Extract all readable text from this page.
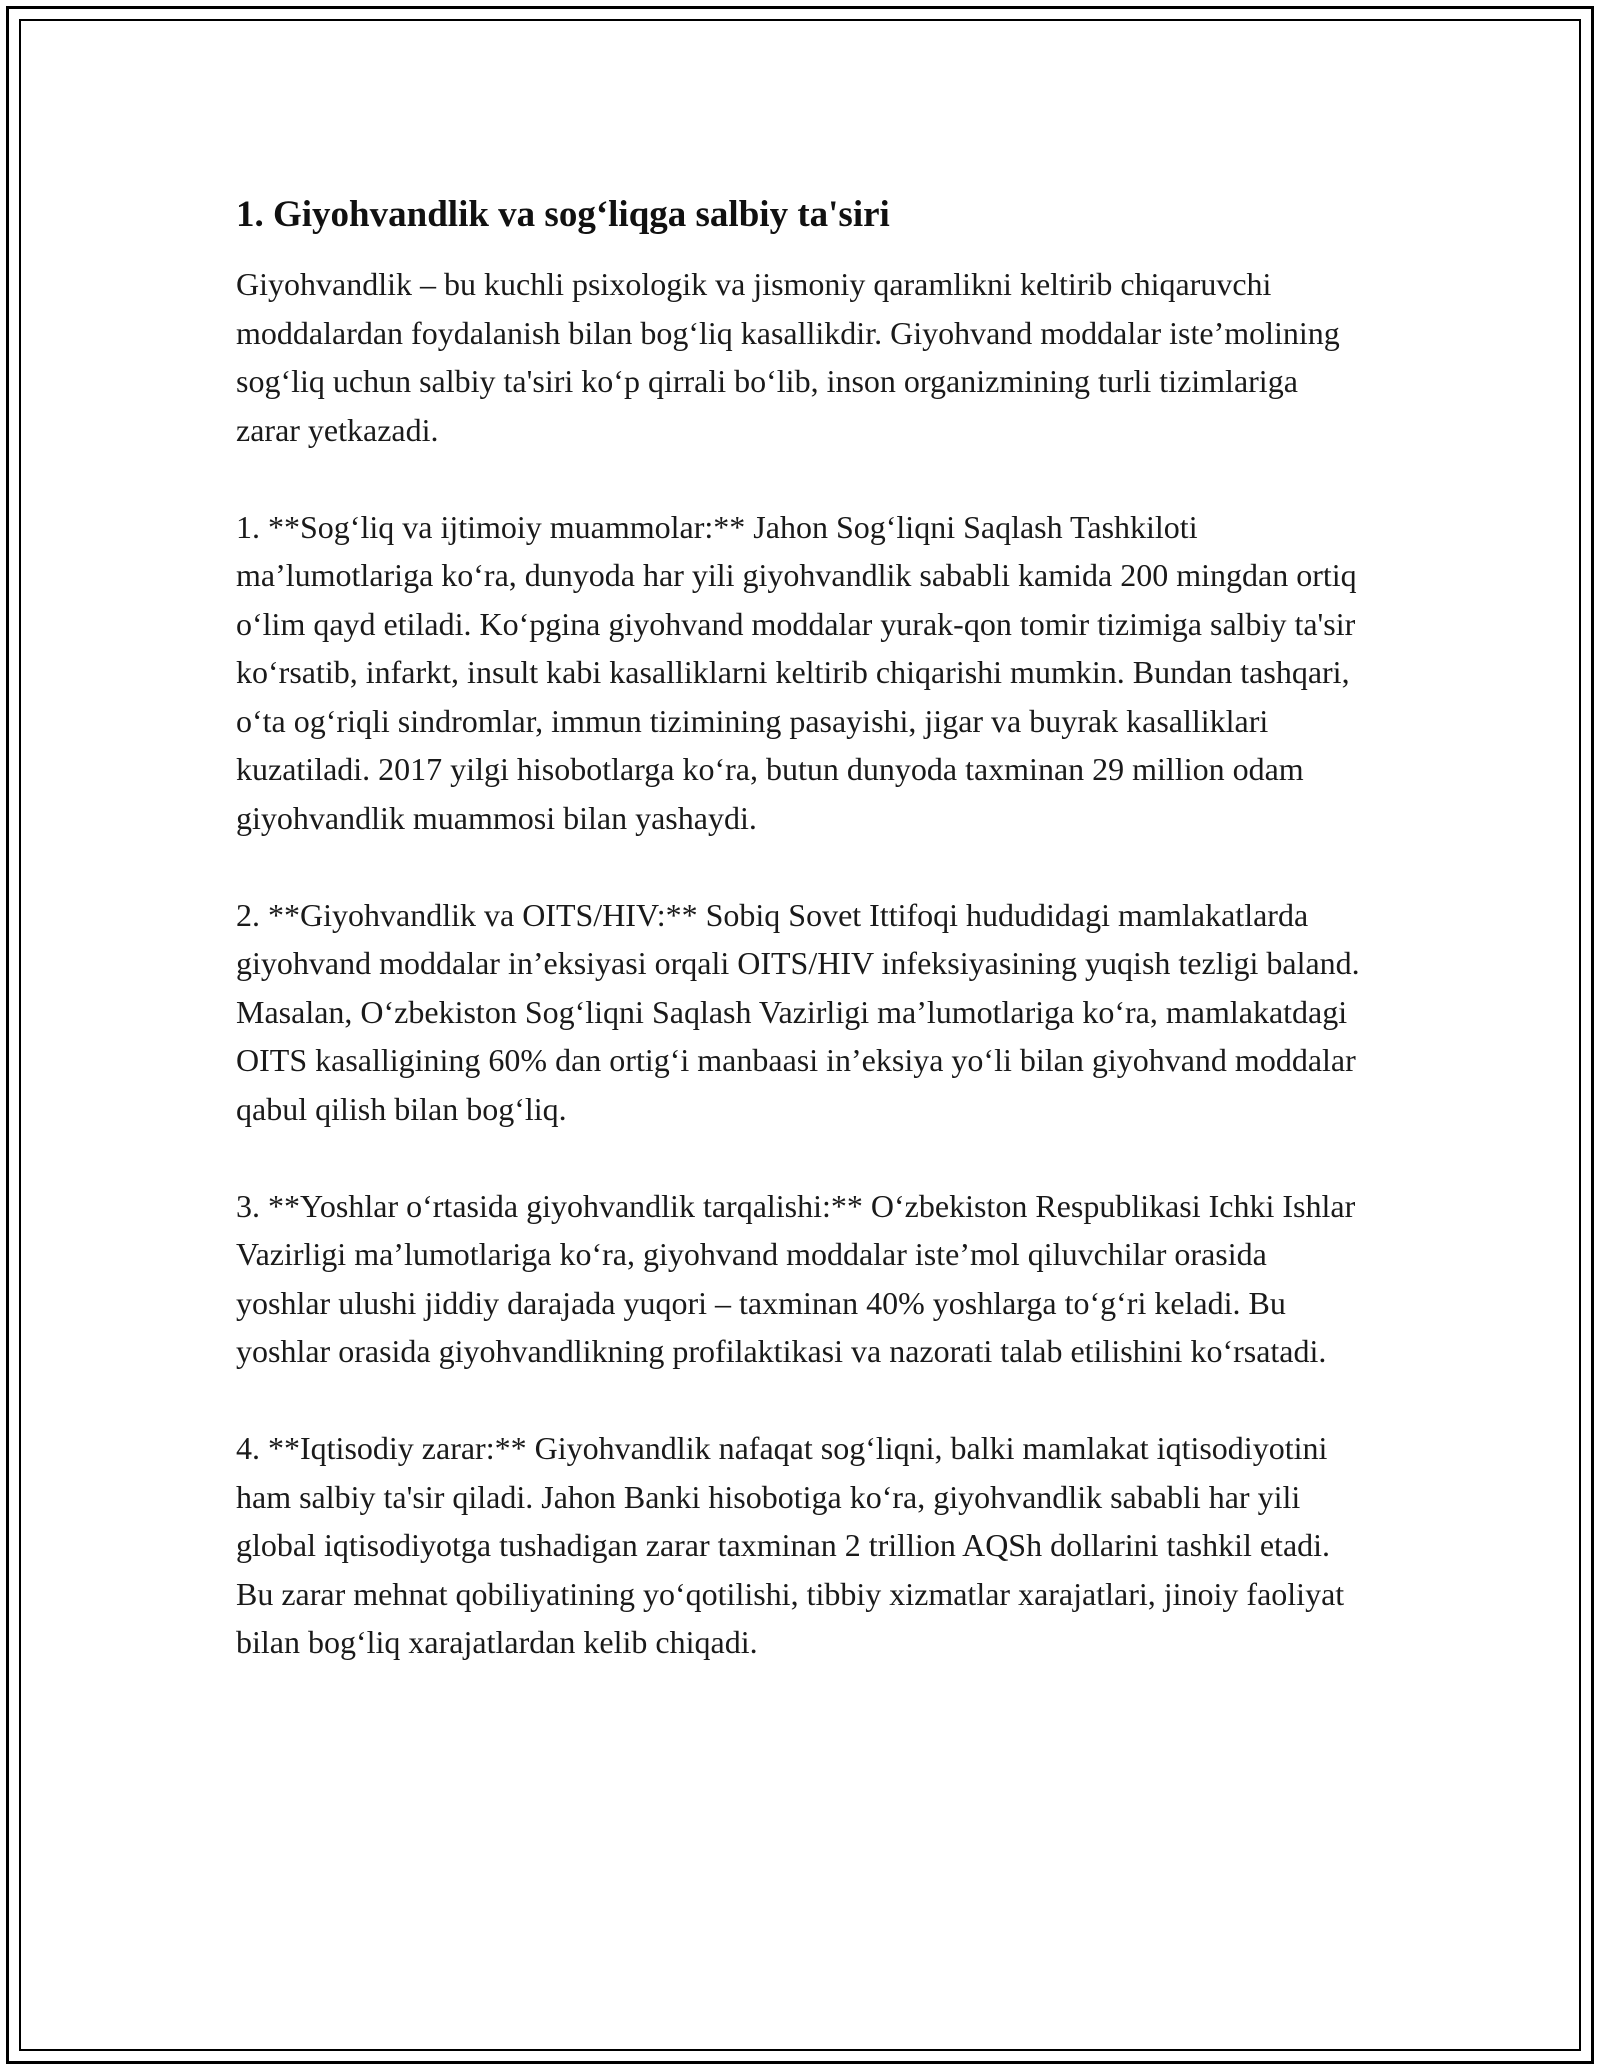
1. Giyohvandlik va sog‘liqga salbiy ta'siri

Giyohvandlik – bu kuchli psixologik va jismoniy qaramlikni keltirib chiqaruvchi moddalardan foydalanish bilan bog‘liq kasallikdir. Giyohvand moddalar iste’molining sog‘liq uchun salbiy ta'siri ko‘p qirrali bo‘lib, inson organizmining turli tizimlariga zarar yetkazadi.

1. **Sog‘liq va ijtimoiy muammolar:** Jahon Sog‘liqni Saqlash Tashkiloti ma’lumotlariga ko‘ra, dunyoda har yili giyohvandlik sababli kamida 200 mingdan ortiq o‘lim qayd etiladi. Ko‘pgina giyohvand moddalar yurak-qon tomir tizimiga salbiy ta'sir ko‘rsatib, infarkt, insult kabi kasalliklarni keltirib chiqarishi mumkin. Bundan tashqari, o‘ta og‘riqli sindromlar, immun tizimining pasayishi, jigar va buyrak kasalliklari kuzatiladi. 2017 yilgi hisobotlarga ko‘ra, butun dunyoda taxminan 29 million odam giyohvandlik muammosi bilan yashaydi.

2. **Giyohvandlik va OITS/HIV:** Sobiq Sovet Ittifoqi hududidagi mamlakatlarda giyohvand moddalar in’eksiyasi orqali OITS/HIV infeksiyasining yuqish tezligi baland. Masalan, O‘zbekiston Sog‘liqni Saqlash Vazirligi ma’lumotlariga ko‘ra, mamlakatdagi OITS kasalligining 60% dan ortig‘i manbaasi in’eksiya yo‘li bilan giyohvand moddalar qabul qilish bilan bog‘liq.

3. **Yoshlar o‘rtasida giyohvandlik tarqalishi:** O‘zbekiston Respublikasi Ichki Ishlar Vazirligi ma’lumotlariga ko‘ra, giyohvand moddalar iste’mol qiluvchilar orasida yoshlar ulushi jiddiy darajada yuqori – taxminan 40% yoshlarga to‘g‘ri keladi. Bu yoshlar orasida giyohvandlikning profilaktikasi va nazorati talab etilishini ko‘rsatadi.

4. **Iqtisodiy zarar:** Giyohvandlik nafaqat sog‘liqni, balki mamlakat iqtisodiyotini ham salbiy ta'sir qiladi. Jahon Banki hisobotiga ko‘ra, giyohvandlik sababli har yili global iqtisodiyotga tushadigan zarar taxminan 2 trillion AQSh dollarini tashkil etadi. Bu zarar mehnat qobiliyatining yo‘qotilishi, tibbiy xizmatlar xarajatlari, jinoiy faoliyat bilan bog‘liq xarajatlardan kelib chiqadi.
